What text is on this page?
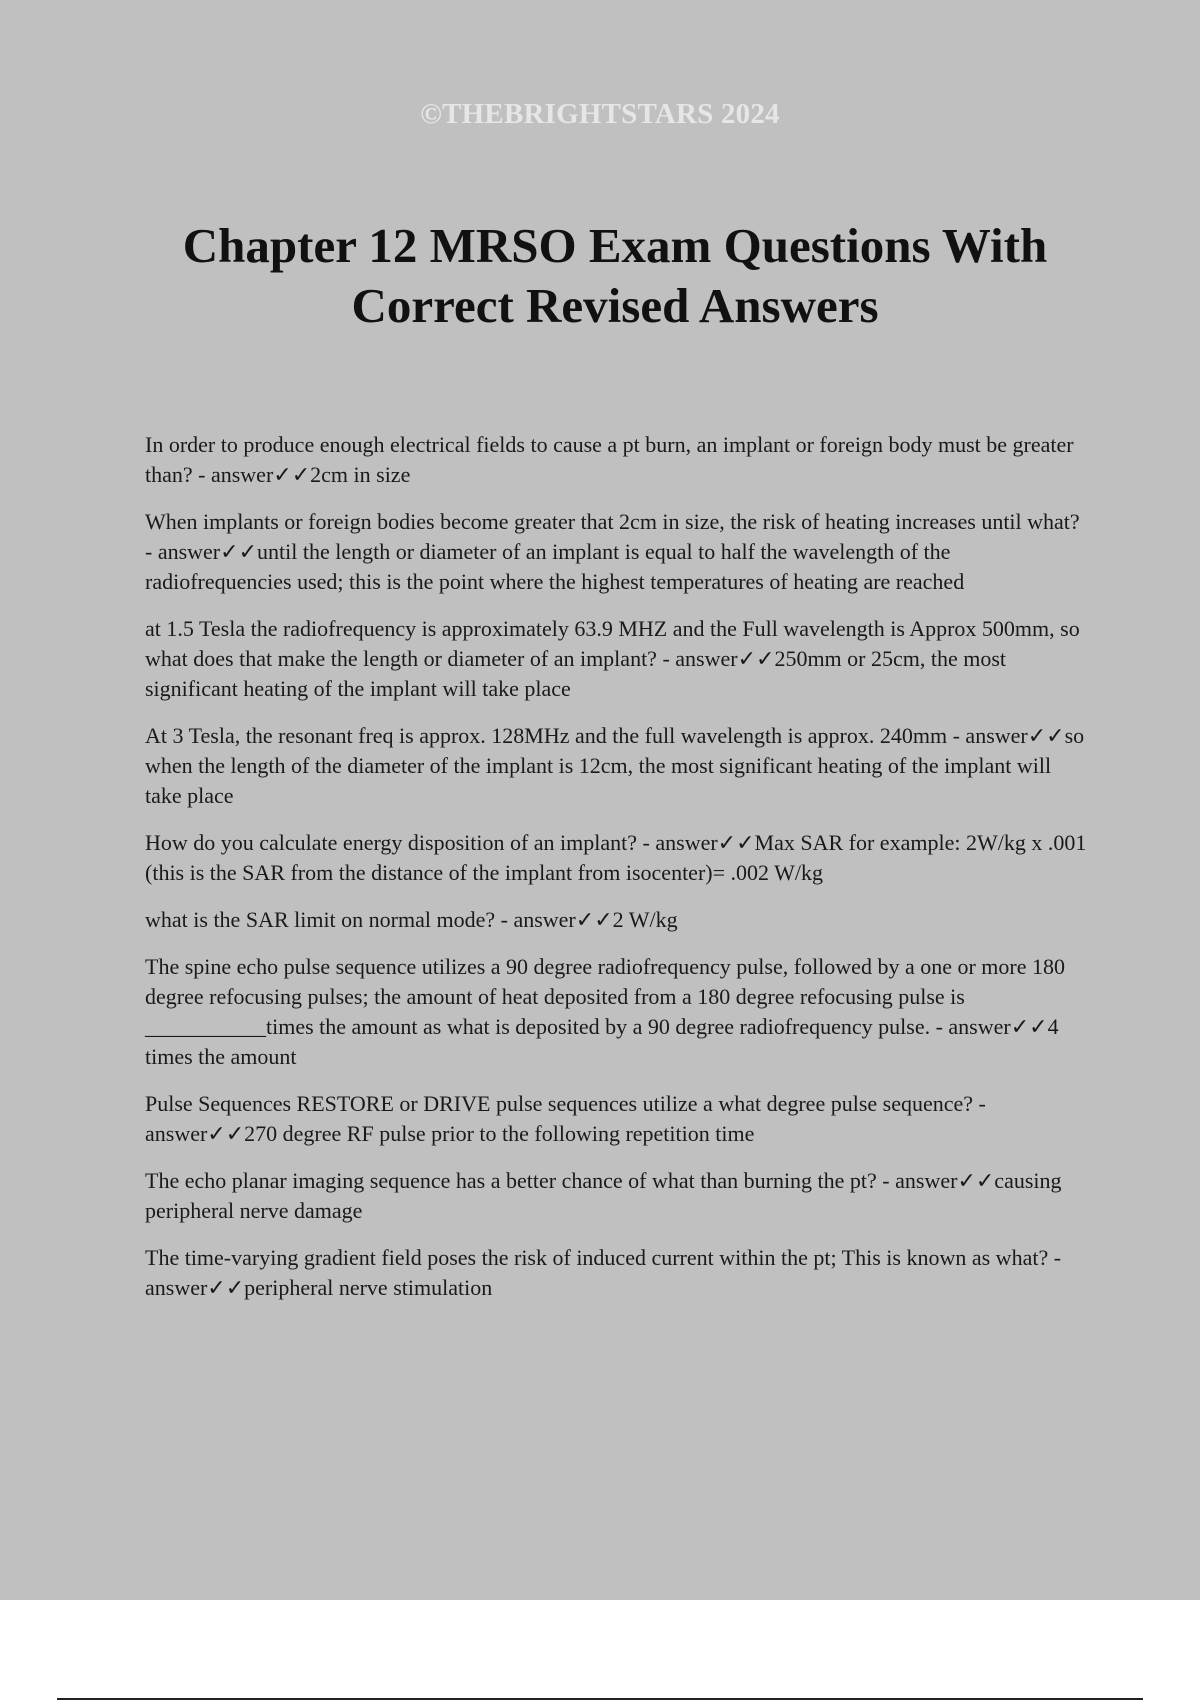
©THEBRIGHTSTARS 2024
Chapter 12 MRSO Exam Questions With Correct Revised Answers

In order to produce enough electrical fields to cause a pt burn, an implant or foreign body must be greater than? - answer✓✓2cm in size

When implants or foreign bodies become greater that 2cm in size, the risk of heating increases until what? - answer✓✓until the length or diameter of an implant is equal to half the wavelength of the radiofrequencies used; this is the point where the highest temperatures of heating are reached

at 1.5 Tesla the radiofrequency is approximately 63.9 MHZ and the Full wavelength is Approx 500mm, so what does that make the length or diameter of an implant? - answer✓✓250mm or 25cm, the most significant heating of the implant will take place

At 3 Tesla, the resonant freq is approx. 128MHz and the full wavelength is approx. 240mm - answer✓✓so when the length of the diameter of the implant is 12cm, the most significant heating of the implant will take place

How do you calculate energy disposition of an implant? - answer✓✓Max SAR for example: 2W/kg x .001 (this is the SAR from the distance of the implant from isocenter)= .002 W/kg

what is the SAR limit on normal mode? - answer✓✓2 W/kg

The spine echo pulse sequence utilizes a 90 degree radiofrequency pulse, followed by a one or more 180 degree refocusing pulses; the amount of heat deposited from a 180 degree refocusing pulse is ___________times the amount as what is deposited by a 90 degree radiofrequency pulse. - answer✓✓4 times the amount

Pulse Sequences RESTORE or DRIVE pulse sequences utilize a what degree pulse sequence? - answer✓✓270 degree RF pulse prior to the following repetition time

The echo planar imaging sequence has a better chance of what than burning the pt? - answer✓✓causing peripheral nerve damage

The time-varying gradient field poses the risk of induced current within the pt; This is known as what? - answer✓✓peripheral nerve stimulation
